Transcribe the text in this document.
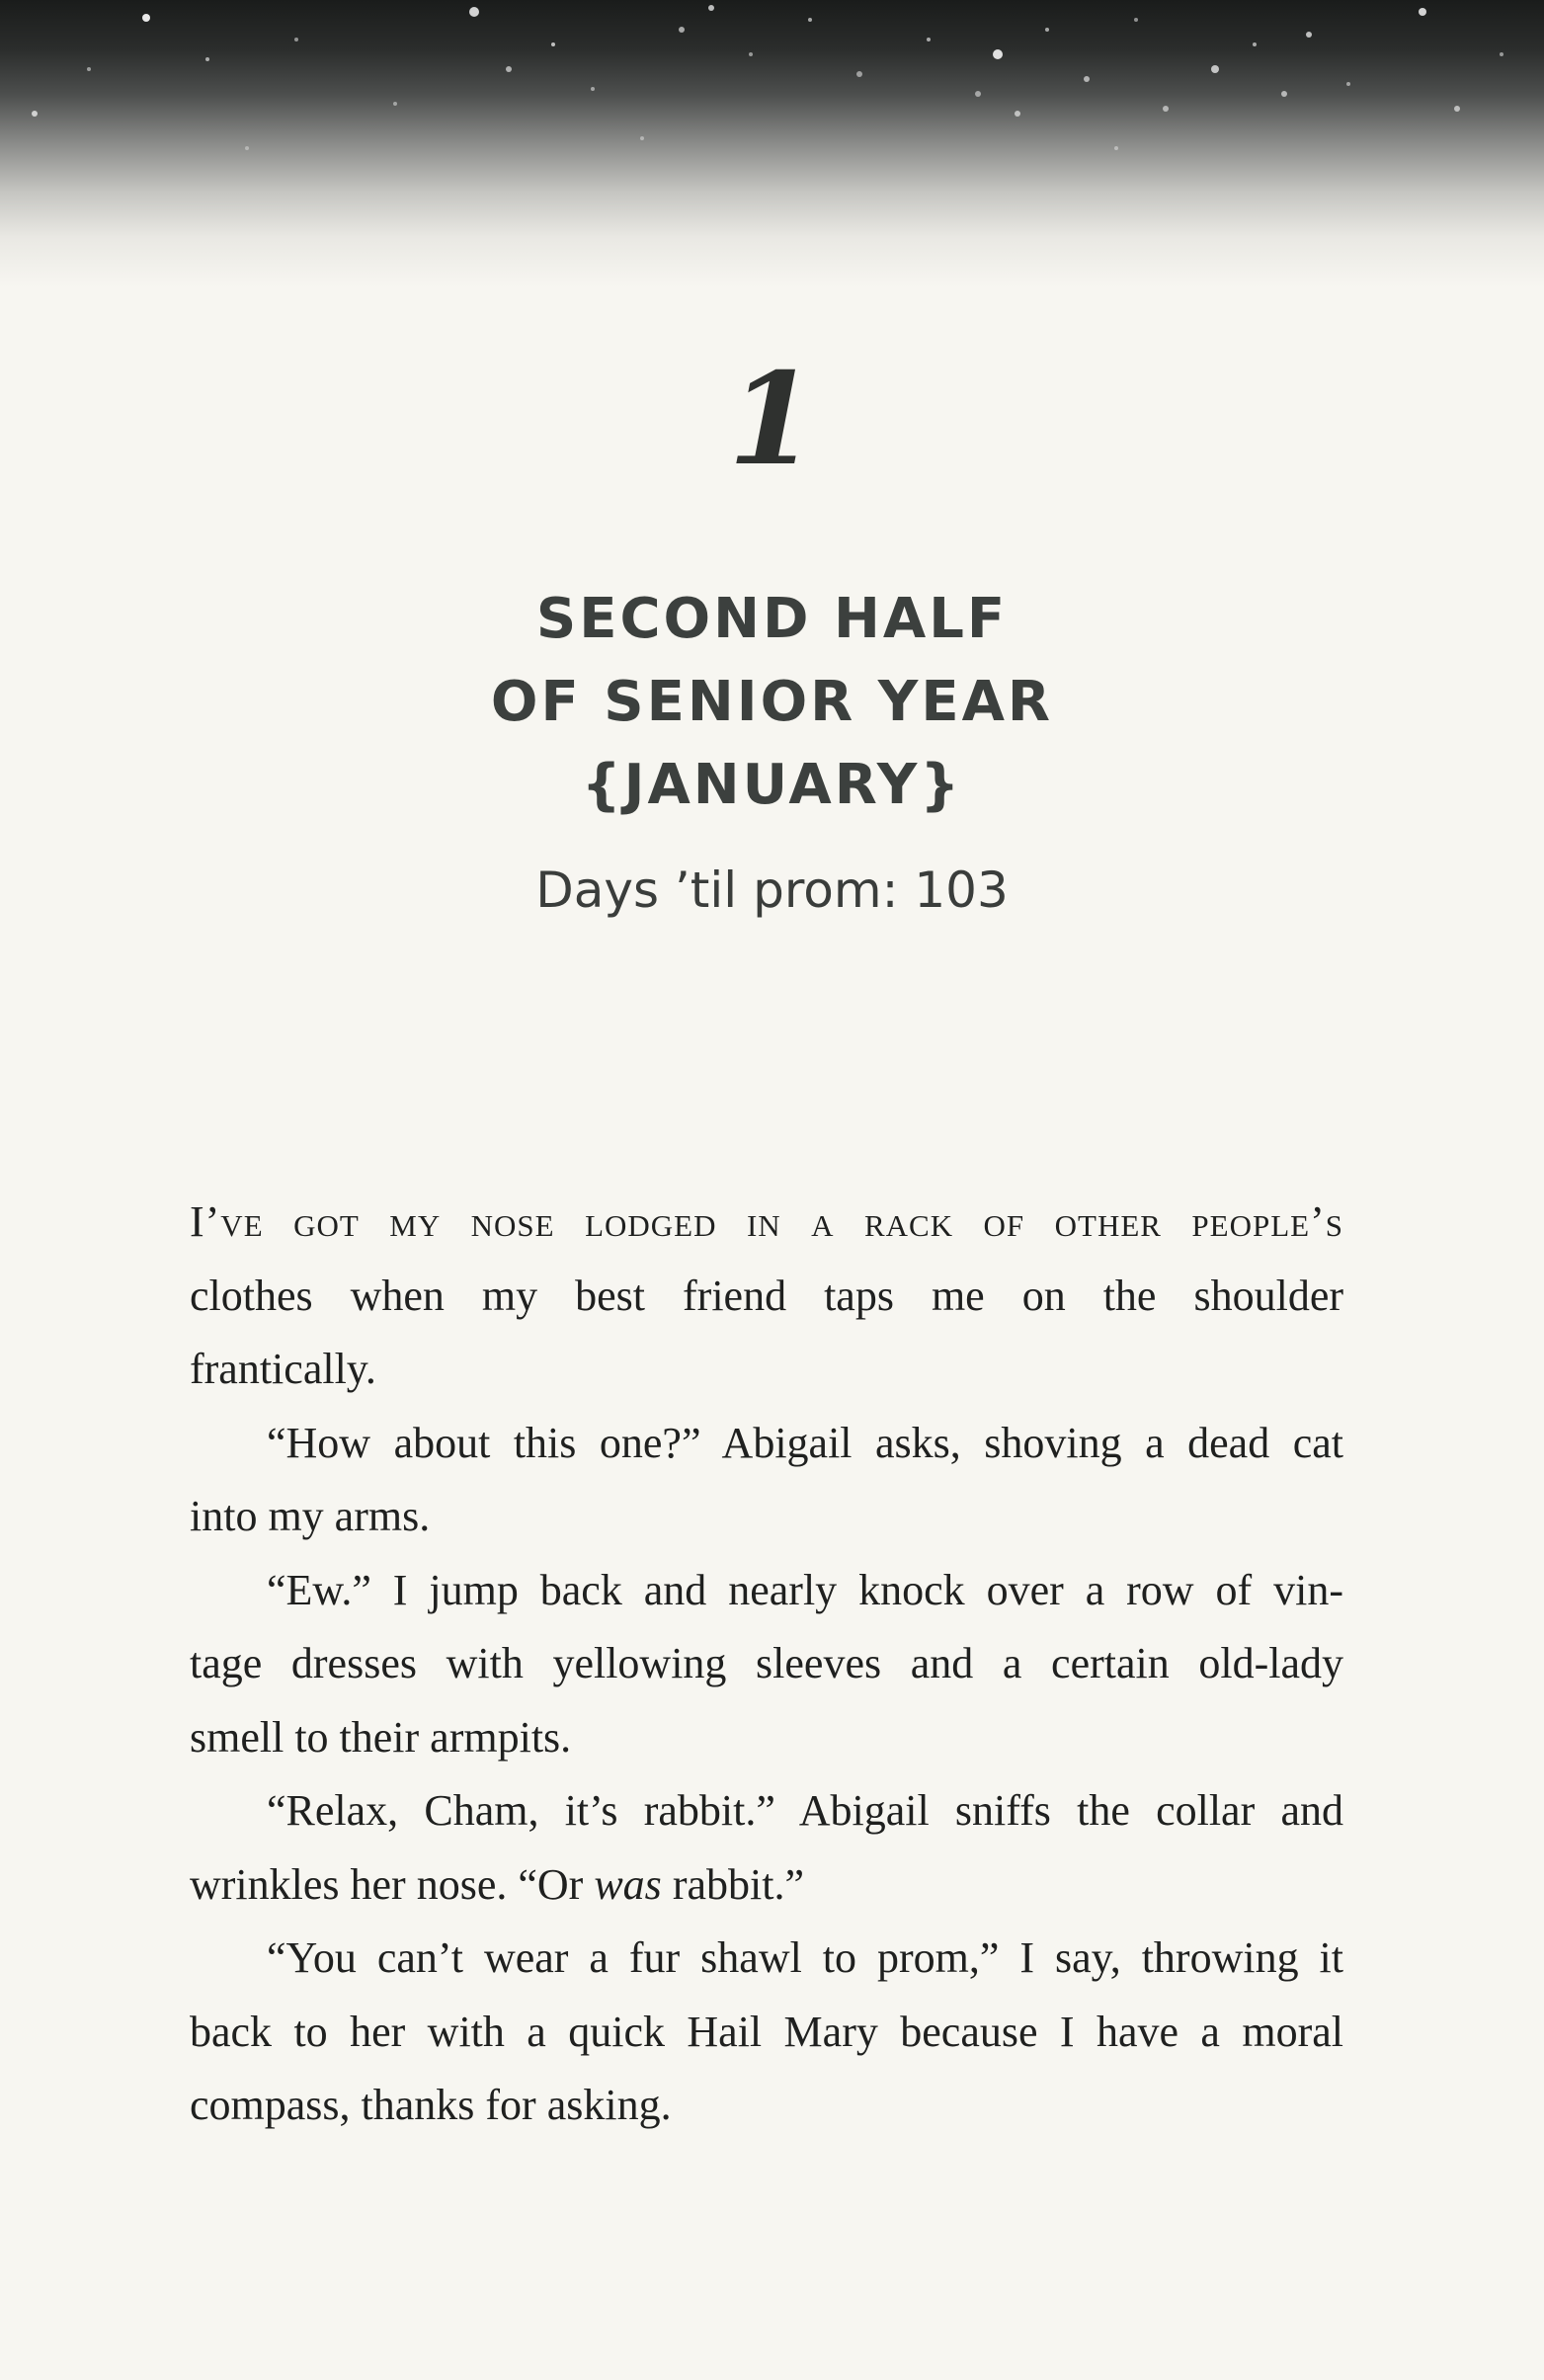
1
SECOND HALF
OF SENIOR YEAR
{JANUARY}
Days ’til prom: 103
I’ve got my nose lodged in a rack of other people’s
clothes when my best friend taps me on the shoulder
frantically.
“How about this one?” Abigail asks, shoving a dead cat
into my arms.
“Ew.” I jump back and nearly knock over a row of vin-
tage dresses with yellowing sleeves and a certain old-lady
smell to their armpits.
“Relax, Cham, it’s rabbit.” Abigail sniffs the collar and
wrinkles her nose. “Or was rabbit.”
“You can’t wear a fur shawl to prom,” I say, throwing it
back to her with a quick Hail Mary because I have a moral
compass, thanks for asking.
